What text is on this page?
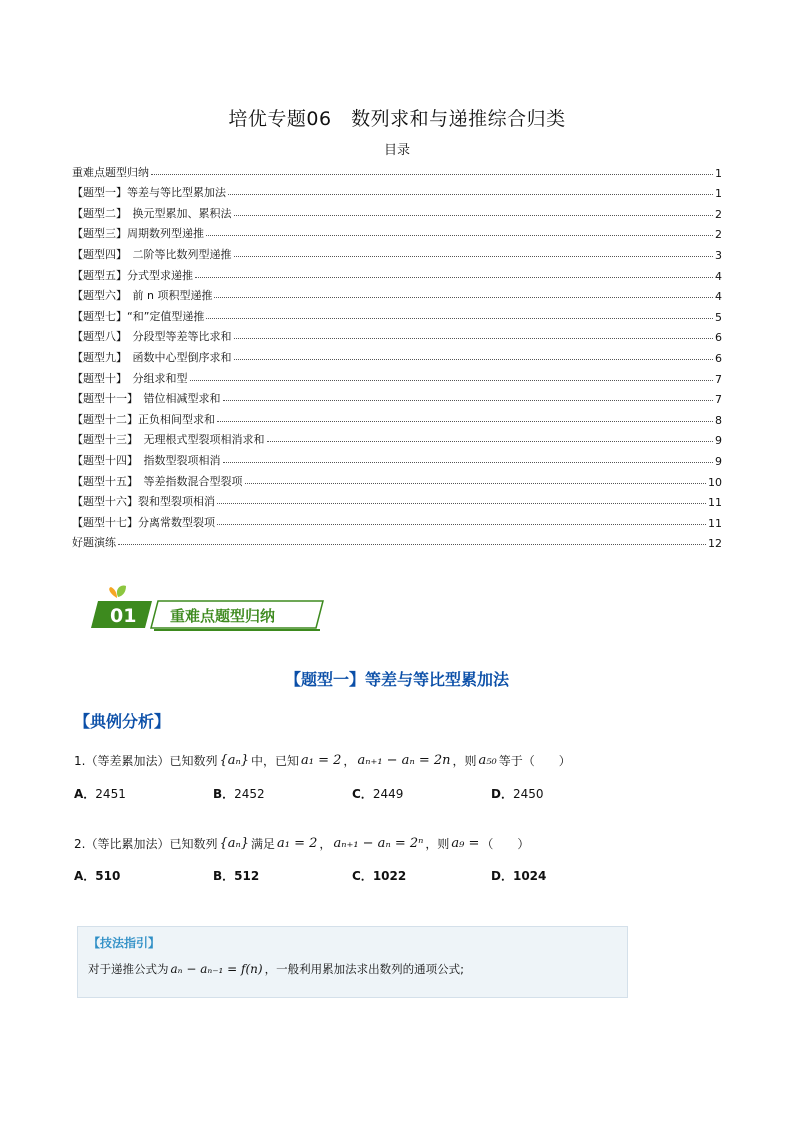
培优专题06　数列求和与递推综合归类
目录
重难点题型归纳	1
【题型一】等差与等比型累加法	1
【题型二】　换元型累加、累积法	2
【题型三】周期数列型递推	2
【题型四】　二阶等比数列型递推	3
【题型五】分式型求递推	4
【题型六】　前 n 项积型递推	4
【题型七】“和”定值型递推	5
【题型八】　分段型等差等比求和	6
【题型九】　函数中心型倒序求和	6
【题型十】　分组求和型	7
【题型十一】　错位相减型求和	7
【题型十二】正负相间型求和	8
【题型十三】　无理根式型裂项相消求和	9
【题型十四】　指数型裂项相消	9
【题型十五】　等差指数混合型裂项	10
【题型十六】裂和型裂项相消	11
【题型十七】分离常数型裂项	11
好题演练	12
01 重难点题型归纳
【题型一】等差与等比型累加法
【典例分析】
1.（等差累加法）已知数列 {aₙ} 中，已知 a₁ = 2 ， aₙ₊₁ − aₙ = 2n ，则 a₅₀ 等于（　　）
A．2451	B．2452	C．2449	D．2450
2.（等比累加法）已知数列 {aₙ} 满足 a₁ = 2 ， aₙ₊₁ − aₙ = 2ⁿ ，则 a₉ = （　　）
A．510	B．512	C．1022	D．1024
【技法指引】
对于递推公式为 aₙ − aₙ₋₁ = f(n) ，一般利用累加法求出数列的通项公式;
